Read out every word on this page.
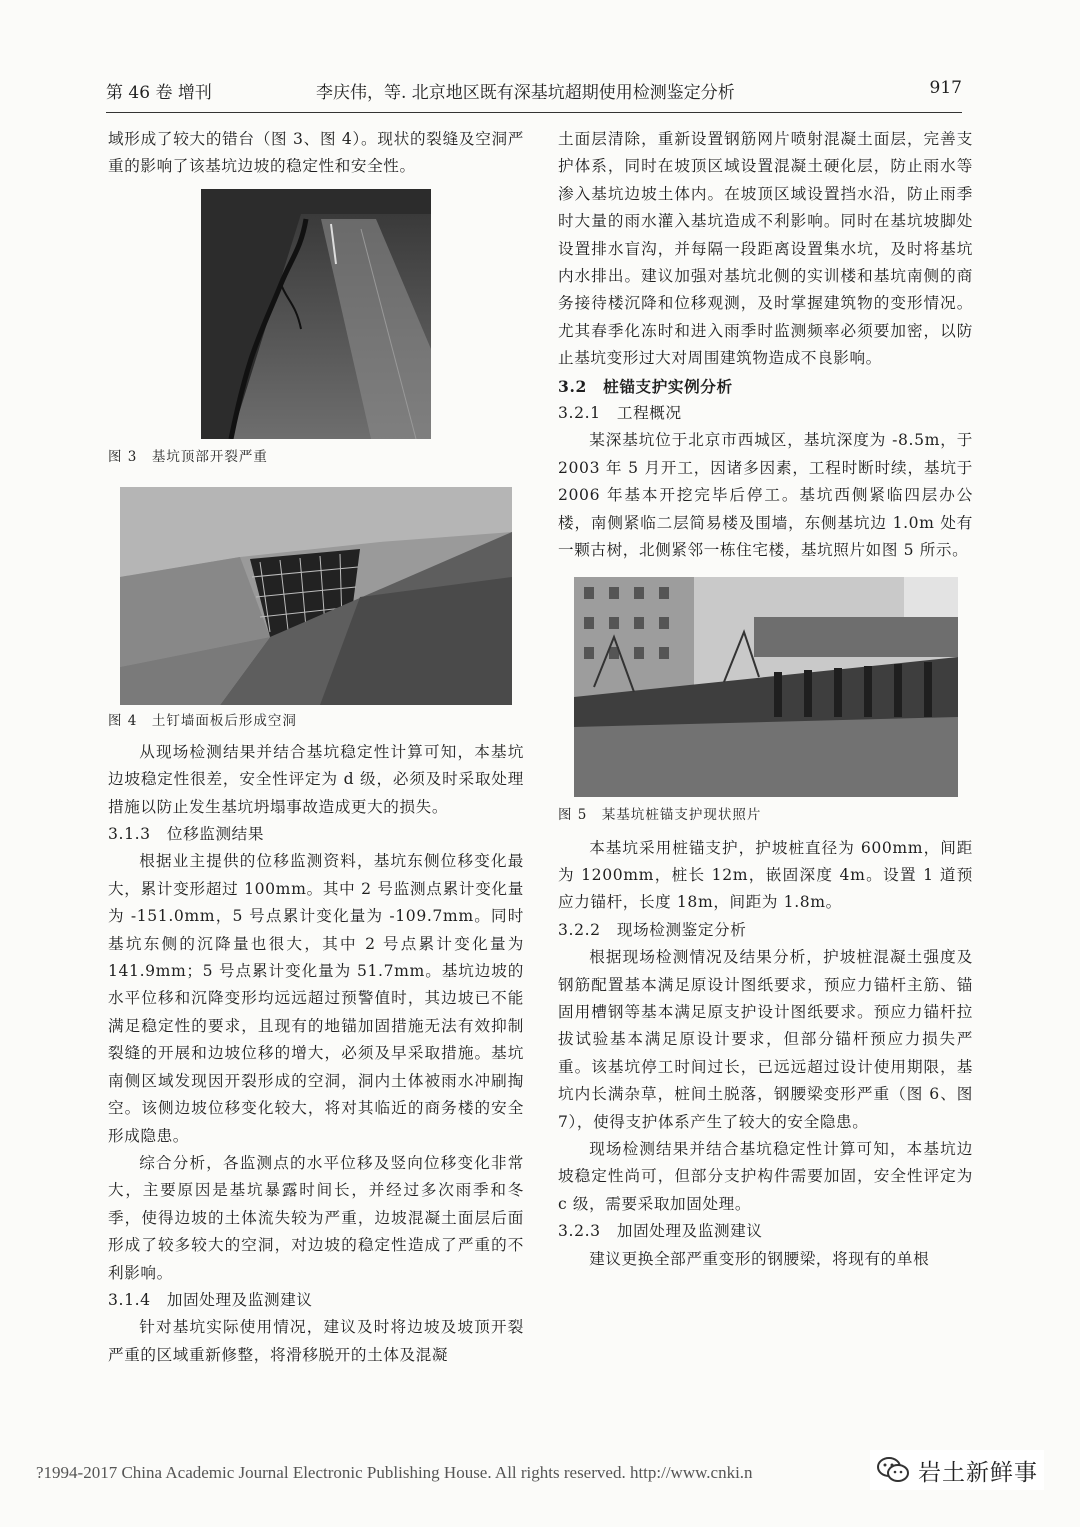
第 46 卷 增刊	李庆伟，等. 北京地区既有深基坑超期使用检测鉴定分析	917

域形成了较大的错台（图 3、图 4）。现状的裂缝及空洞严重的影响了该基坑边坡的稳定性和安全性。

图 3　基坑顶部开裂严重

图 4　土钉墙面板后形成空洞

从现场检测结果并结合基坑稳定性计算可知，本基坑边坡稳定性很差，安全性评定为 d 级，必须及时采取处理措施以防止发生基坑坍塌事故造成更大的损失。

3.1.3　位移监测结果

根据业主提供的位移监测资料，基坑东侧位移变化最大，累计变形超过 100mm。其中 2 号监测点累计变化量为 -151.0mm，5 号点累计变化量为 -109.7mm。同时基坑东侧的沉降量也很大，其中 2 号点累计变化量为 141.9mm；5 号点累计变化量为 51.7mm。基坑边坡的水平位移和沉降变形均远远超过预警值时，其边坡已不能满足稳定性的要求，且现有的地锚加固措施无法有效抑制裂缝的开展和边坡位移的增大，必须及早采取措施。基坑南侧区域发现因开裂形成的空洞，洞内土体被雨水冲刷掏空。该侧边坡位移变化较大，将对其临近的商务楼的安全形成隐患。

综合分析，各监测点的水平位移及竖向位移变化非常大，主要原因是基坑暴露时间长，并经过多次雨季和冬季，使得边坡的土体流失较为严重，边坡混凝土面层后面形成了较多较大的空洞，对边坡的稳定性造成了严重的不利影响。

3.1.4　加固处理及监测建议

针对基坑实际使用情况，建议及时将边坡及坡顶开裂严重的区域重新修整，将滑移脱开的土体及混凝

土面层清除，重新设置钢筋网片喷射混凝土面层，完善支护体系，同时在坡顶区域设置混凝土硬化层，防止雨水等渗入基坑边坡土体内。在坡顶区域设置挡水沿，防止雨季时大量的雨水灌入基坑造成不利影响。同时在基坑坡脚处设置排水盲沟，并每隔一段距离设置集水坑，及时将基坑内水排出。建议加强对基坑北侧的实训楼和基坑南侧的商务接待楼沉降和位移观测，及时掌握建筑物的变形情况。尤其春季化冻时和进入雨季时监测频率必须要加密，以防止基坑变形过大对周围建筑物造成不良影响。

3.2　桩锚支护实例分析

3.2.1　工程概况

某深基坑位于北京市西城区，基坑深度为 -8.5m，于 2003 年 5 月开工，因诸多因素，工程时断时续，基坑于 2006 年基本开挖完毕后停工。基坑西侧紧临四层办公楼，南侧紧临二层简易楼及围墙，东侧基坑边 1.0m 处有一颗古树，北侧紧邻一栋住宅楼，基坑照片如图 5 所示。

图 5　某基坑桩锚支护现状照片

本基坑采用桩锚支护，护坡桩直径为 600mm，间距为 1200mm，桩长 12m，嵌固深度 4m。设置 1 道预应力锚杆，长度 18m，间距为 1.8m。

3.2.2　现场检测鉴定分析

根据现场检测情况及结果分析，护坡桩混凝土强度及钢筋配置基本满足原设计图纸要求，预应力锚杆主筋、锚固用槽钢等基本满足原支护设计图纸要求。预应力锚杆拉拔试验基本满足原设计要求，但部分锚杆预应力损失严重。该基坑停工时间过长，已远远超过设计使用期限，基坑内长满杂草，桩间土脱落，钢腰梁变形严重（图 6、图 7），使得支护体系产生了较大的安全隐患。

现场检测结果并结合基坑稳定性计算可知，本基坑边坡稳定性尚可，但部分支护构件需要加固，安全性评定为 c 级，需要采取加固处理。

3.2.3　加固处理及监测建议

建议更换全部严重变形的钢腰梁，将现有的单根

?1994-2017 China Academic Journal Electronic Publishing House. All rights reserved. http://www.cnki.n	岩土新鲜事
